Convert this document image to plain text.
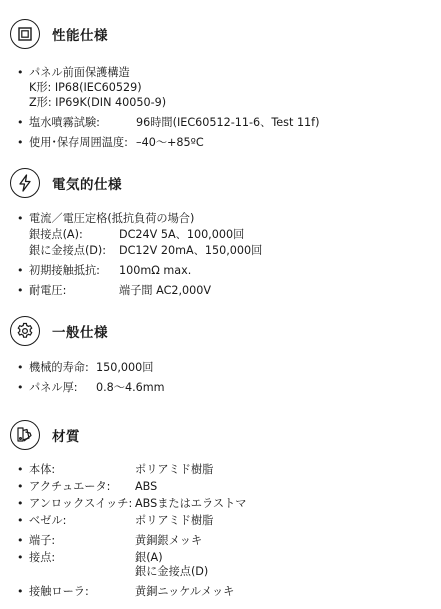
性能仕様
• パネル前面保護構造
K形: IP68(IEC60529)
Z形: IP69K(DIN 40050-9)
• 塩水噴霧試験:	96時間(IEC60512-11-6、Test 11f)
• 使用･保存周囲温度: –40～+85ºC
電気的仕様
• 電流／電圧定格(抵抗負荷の場合)
銀接点(A):	DC24V 5A、100,000回
銀に金接点(D): DC12V 20mA、150,000回
• 初期接触抵抗: 100mΩ max.
• 耐電圧:	端子間 AC2,000V
一般仕様
• 機械的寿命: 150,000回
• パネル厚: 0.8～4.6mm
材質
• 本体:	ポリアミド樹脂
• アクチュエータ: ABS
• アンロックスイッチ: ABSまたはエラストマ
• ベゼル:	ポリアミド樹脂
• 端子:	黄銅銀メッキ
• 接点:	銀(A)
銀に金接点(D)
• 接触ローラ:	黄銅ニッケルメッキ
